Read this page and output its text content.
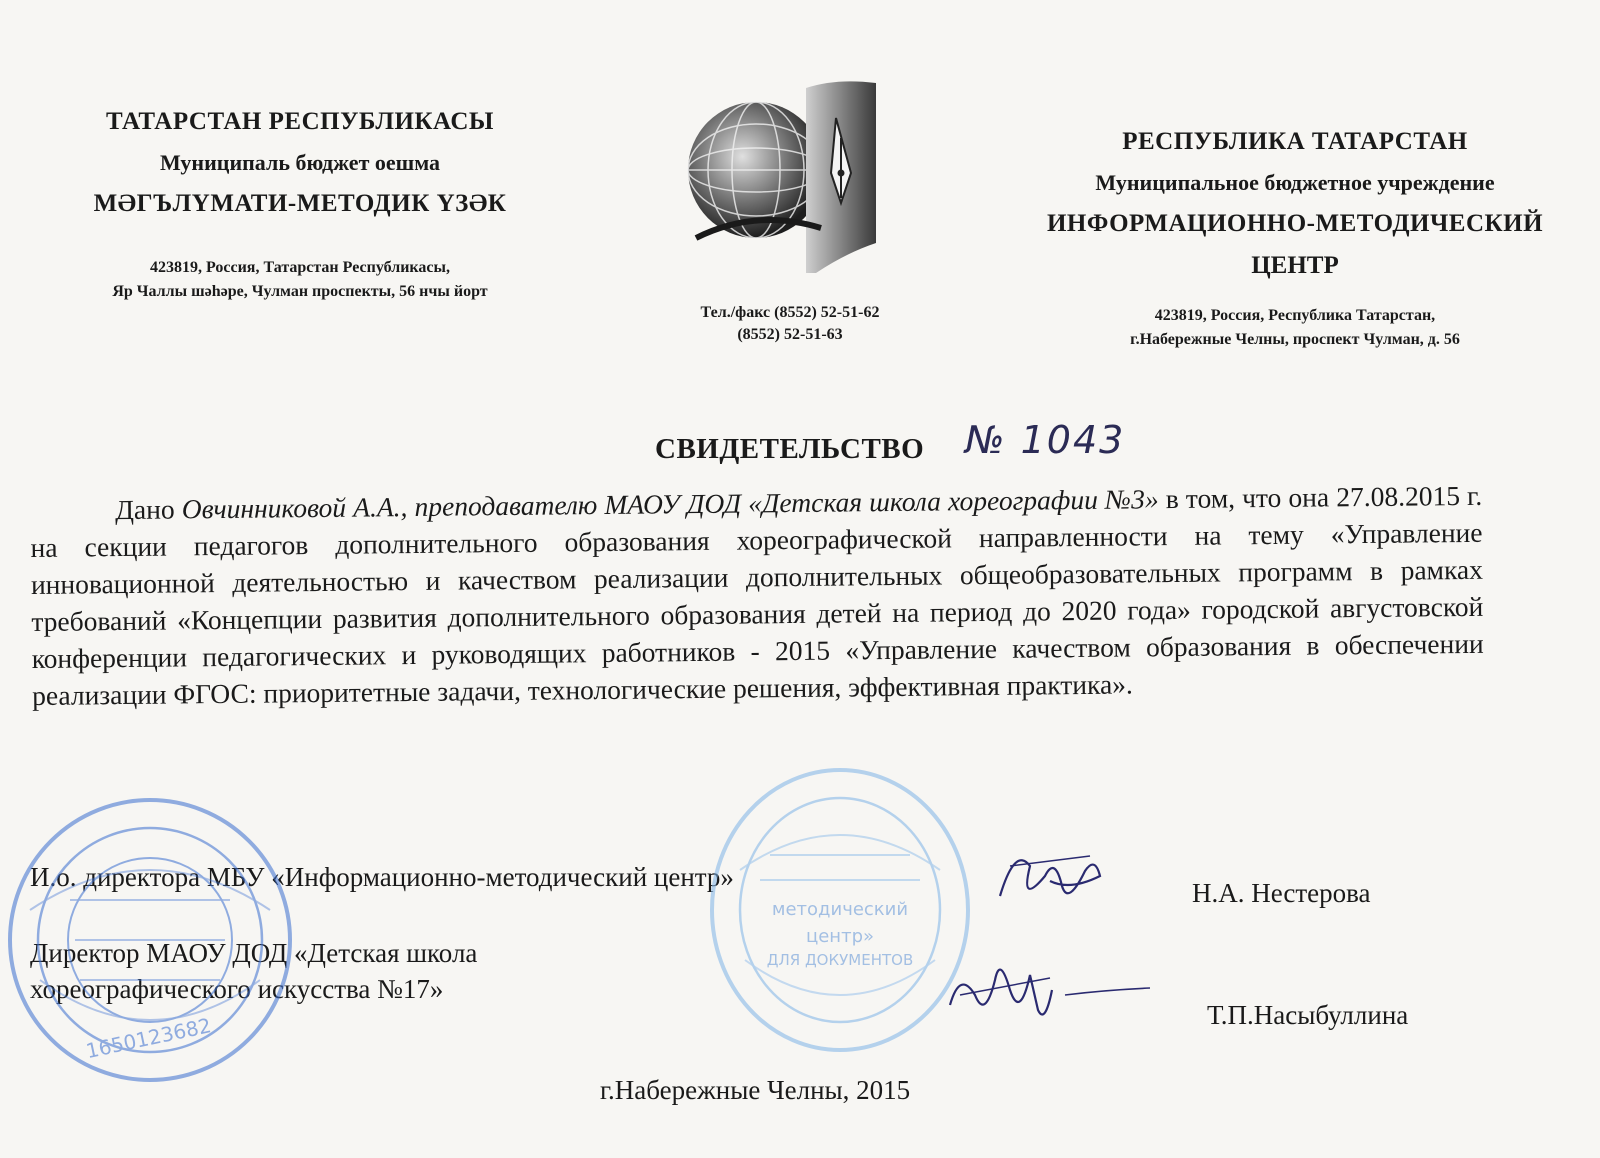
ТАТАРСТАН РЕСПУБЛИКАСЫ
Муниципаль бюджет оешма
МӘГЪЛҮМАТИ-МЕТОДИК ҮЗӘК
423819, Россия, Татарстан Республикасы,
Яр Чаллы шәһәре, Чулман проспекты, 56 нчы йорт
Тел./факс (8552) 52-51-62
(8552) 52-51-63
РЕСПУБЛИКА ТАТАРСТАН
Муниципальное бюджетное учреждение
ИНФОРМАЦИОННО-МЕТОДИЧЕСКИЙ
ЦЕНТР
423819, Россия, Республика Татарстан,
г.Набережные Челны, проспект Чулман, д. 56
СВИДЕТЕЛЬСТВО № 1043
Дано Овчинниковой А.А., преподавателю МАОУ ДОД «Детская школа хореографии №3» в том, что она 27.08.2015 г. на секции педагогов дополнительного образования хореографической направленности на тему «Управление инновационной деятельностью и качеством реализации дополнительных общеобразовательных программ в рамках требований «Концепции развития дополнительного образования детей на период до 2020 года» городской августовской конференции педагогических и руководящих работников - 2015 «Управление качеством образования в обеспечении реализации ФГОС: приоритетные задачи, технологические решения, эффективная практика».
И.о. директора МБУ «Информационно-методический центр»
Н.А. Нестерова
Директор МАОУ ДОД «Детская школа
хореографического искусства №17»
Т.П.Насыбуллина
г.Набережные Челны, 2015
1650123682
методический
центр»
ДЛЯ ДОКУМЕНТОВ
